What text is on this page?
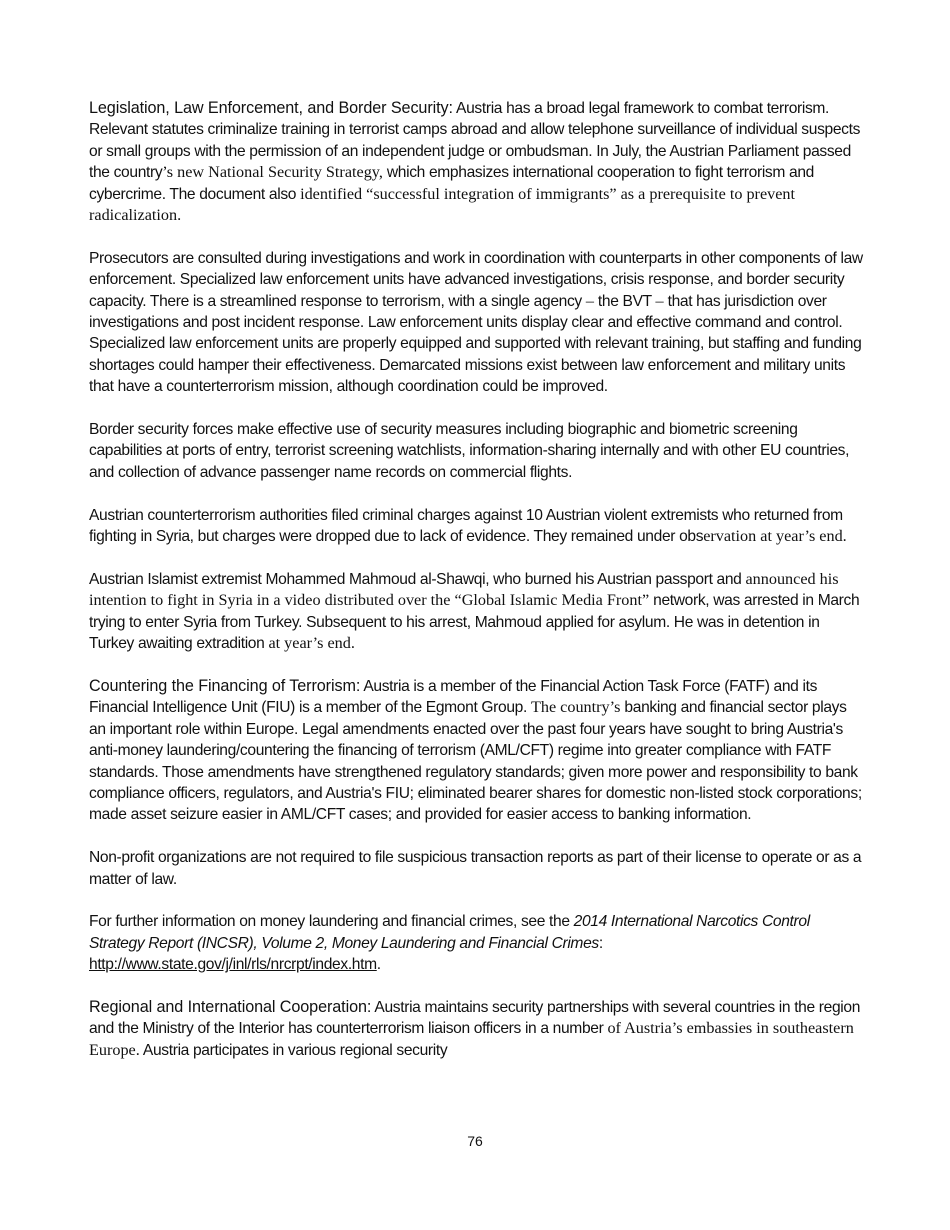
Legislation, Law Enforcement, and Border Security: Austria has a broad legal framework to combat terrorism. Relevant statutes criminalize training in terrorist camps abroad and allow telephone surveillance of individual suspects or small groups with the permission of an independent judge or ombudsman. In July, the Austrian Parliament passed the country’s new National Security Strategy, which emphasizes international cooperation to fight terrorism and cybercrime. The document also identified “successful integration of immigrants” as a prerequisite to prevent radicalization.

Prosecutors are consulted during investigations and work in coordination with counterparts in other components of law enforcement. Specialized law enforcement units have advanced investigations, crisis response, and border security capacity. There is a streamlined response to terrorism, with a single agency – the BVT – that has jurisdiction over investigations and post incident response. Law enforcement units display clear and effective command and control. Specialized law enforcement units are properly equipped and supported with relevant training, but staffing and funding shortages could hamper their effectiveness. Demarcated missions exist between law enforcement and military units that have a counterterrorism mission, although coordination could be improved.

Border security forces make effective use of security measures including biographic and biometric screening capabilities at ports of entry, terrorist screening watchlists, information-sharing internally and with other EU countries, and collection of advance passenger name records on commercial flights.

Austrian counterterrorism authorities filed criminal charges against 10 Austrian violent extremists who returned from fighting in Syria, but charges were dropped due to lack of evidence. They remained under observation at year’s end.

Austrian Islamist extremist Mohammed Mahmoud al-Shawqi, who burned his Austrian passport and announced his intention to fight in Syria in a video distributed over the “Global Islamic Media Front” network, was arrested in March trying to enter Syria from Turkey. Subsequent to his arrest, Mahmoud applied for asylum. He was in detention in Turkey awaiting extradition at year’s end.

Countering the Financing of Terrorism: Austria is a member of the Financial Action Task Force (FATF) and its Financial Intelligence Unit (FIU) is a member of the Egmont Group. The country’s banking and financial sector plays an important role within Europe. Legal amendments enacted over the past four years have sought to bring Austria's anti-money laundering/countering the financing of terrorism (AML/CFT) regime into greater compliance with FATF standards. Those amendments have strengthened regulatory standards; given more power and responsibility to bank compliance officers, regulators, and Austria's FIU; eliminated bearer shares for domestic non-listed stock corporations; made asset seizure easier in AML/CFT cases; and provided for easier access to banking information.

Non-profit organizations are not required to file suspicious transaction reports as part of their license to operate or as a matter of law.

For further information on money laundering and financial crimes, see the 2014 International Narcotics Control Strategy Report (INCSR), Volume 2, Money Laundering and Financial Crimes: http://www.state.gov/j/inl/rls/nrcrpt/index.htm.

Regional and International Cooperation: Austria maintains security partnerships with several countries in the region and the Ministry of the Interior has counterterrorism liaison officers in a number of Austria’s embassies in southeastern Europe. Austria participates in various regional security

76
